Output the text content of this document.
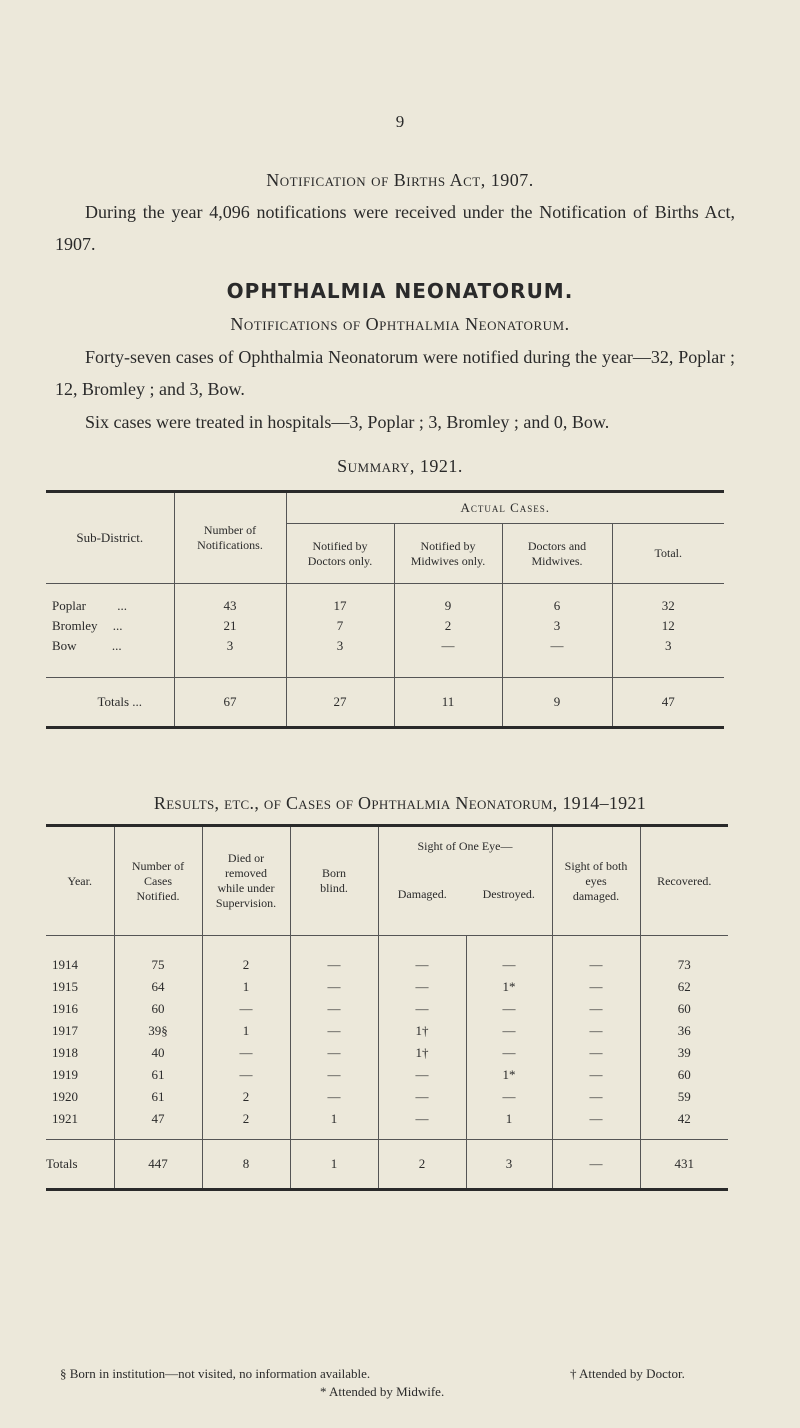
9
Notification of Births Act, 1907.
During the year 4,096 notifications were received under the Notification of Births Act, 1907.
OPHTHALMIA NEONATORUM.
Notifications of Ophthalmia Neonatorum.
Forty-seven cases of Ophthalmia Neonatorum were notified during the year—32, Poplar ; 12, Bromley ; and 3, Bow.
Six cases were treated in hospitals—3, Poplar ; 3, Bromley ; and 0, Bow.
Summary, 1921.
Sub-District.	Number of Notifications.	Actual Cases.			
		Notified by Doctors only.	Notified by Midwives only.	Doctors and Midwives.	Total.

Poplar ...	43	17	9	6	32
Bromley ...	21	7	2	3	12
Bow ...	3	3	—	—	3

Totals ...	67	27	11	9	47
Results, etc., of Cases of Ophthalmia Neonatorum, 1914–1921
Year.	Number of Cases Notified.	Died or removed while under Supervision.	Born blind.	Sight of One Eye—		Sight of both eyes damaged.	Recovered.
				Damaged.	Destroyed.		

1914	75	2	—	—	—	—	73
1915	64	1	—	—	1*	—	62
1916	60	—	—	—	—	—	60
1917	39§	1	—	1†	—	—	36
1918	40	—	—	1†	—	—	39
1919	61	—	—	—	1*	—	60
1920	61	2	—	—	—	—	59
1921	47	2	1	—	1	—	42

Totals	447	8	1	2	3	—	431
§ Born in institution—not visited, no information available.	† Attended by Doctor.
* Attended by Midwife.
